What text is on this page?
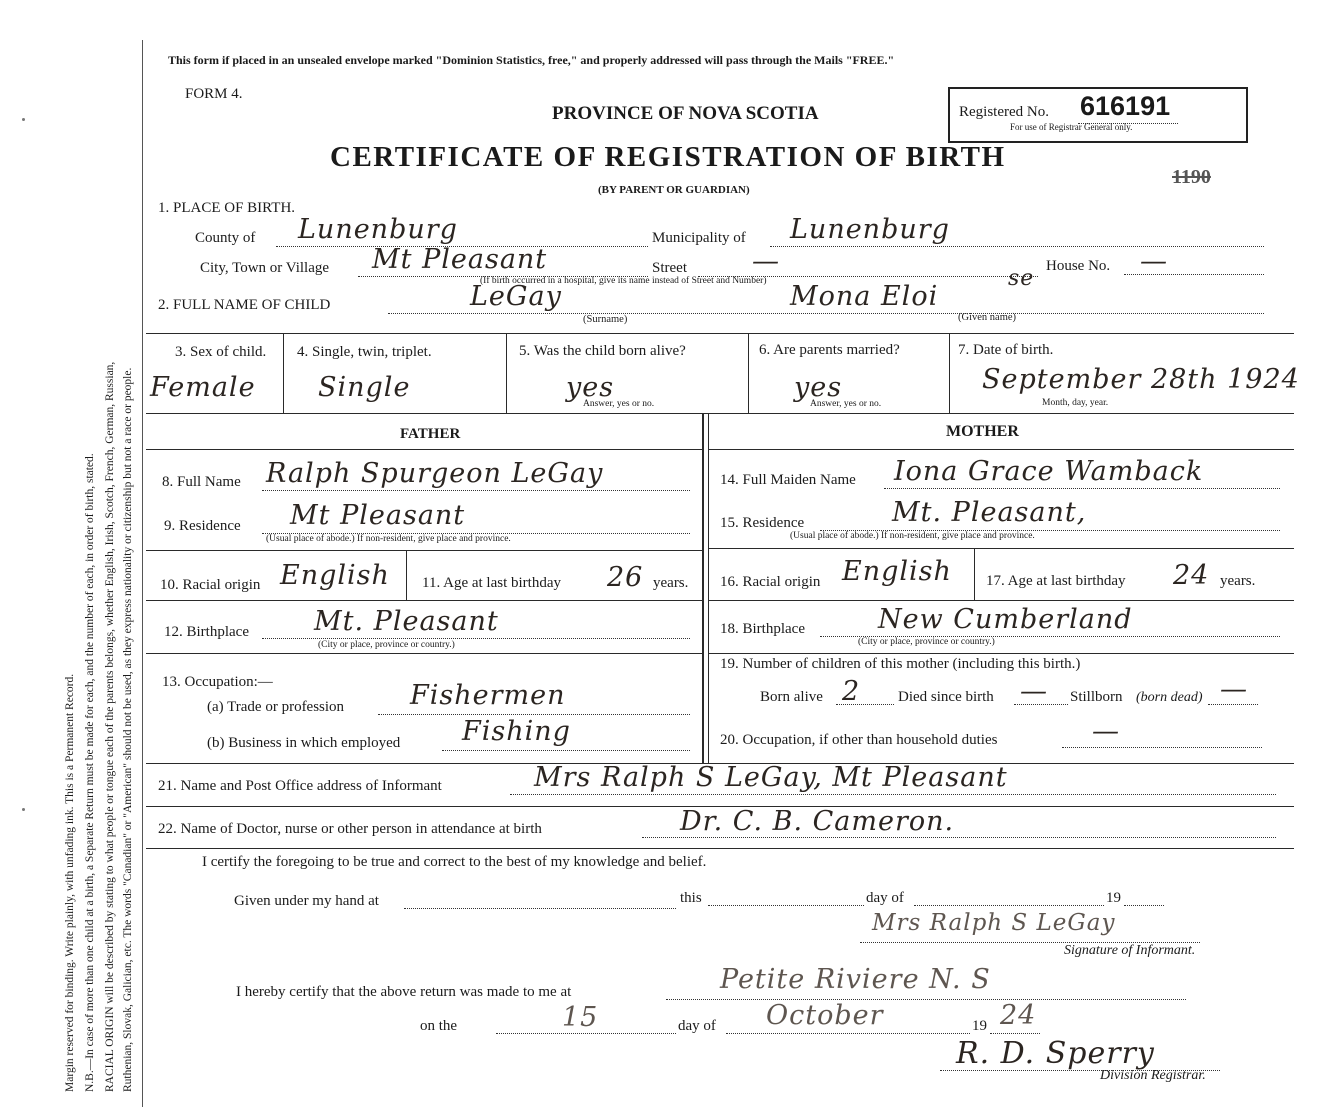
Margin reserved for binding. Write plainly, with unfading ink. This is a Permanent Record. N.B.—In case of more than one child at a birth, a Separate Return must be made for each, and the number of each, in order of birth, stated. RACIAL ORIGIN will be described by stating to what people or tongue each of the parents belongs, whether English, Irish, Scotch, French, German, Russian, Ruthenian, Slovak, Galician, etc. The words "Canadian" or "American" should not be used, as they express nationality or citizenship but not a race or people.
This form if placed in an unsealed envelope marked "Dominion Statistics, free," and properly addressed will pass through the Mails "FREE."
FORM 4.
PROVINCE OF NOVA SCOTIA
CERTIFICATE OF REGISTRATION OF BIRTH
(BY PARENT OR GUARDIAN)
Registered No. 616191
For use of Registrar General only.
1190
1. PLACE OF BIRTH.
County of Lunenburg	Municipality of Lunenburg
City, Town or Village Mt Pleasant	Street —
(If birth occurred in a hospital, give its name instead of Street and Number)
House No. —
2. FULL NAME OF CHILD	LeGay
(Surname)
Mona Eloi
se
(Given name)
3. Sex of child.
Female
4. Single, twin, triplet.
Single
5. Was the child born alive?
yes
Answer, yes or no.
6. Are parents married?
yes
Answer, yes or no.
7. Date of birth.
September 28th 1924
Month, day, year.
FATHER	MOTHER
8. Full Name Ralph Spurgeon LeGay	14. Full Maiden Name Iona Grace Wamback
9. Residence Mt Pleasant
(Usual place of abode.) If non-resident, give place and province.
15. Residence	Mt. Pleasant,
(Usual place of abode.) If non-resident, give place and province.
10. Racial origin English 11. Age at last birthday 26 years. 16. Racial origin English 17. Age at last birthday 24 years.
12. Birthplace Mt. Pleasant
(City or place, province or country.)
18. Birthplace	New Cumberland
(City or place, province or country.)
13. Occupation:—
(a) Trade or profession Fishermen
(b) Business in which employed Fishing
19. Number of children of this mother (including this birth.)
Born alive 2	Died since birth — Stillborn (born dead) —
20. Occupation, if other than household duties	—
21. Name and Post Office address of Informant	Mrs Ralph S LeGay, Mt Pleasant
22. Name of Doctor, nurse or other person in attendance at birth	Dr. C. B. Cameron.
I certify the foregoing to be true and correct to the best of my knowledge and belief.
Given under my hand at	this	day of	19
Mrs Ralph S LeGay
Signature of Informant.
I hereby certify that the above return was made to me at	Petite Riviere N. S
on the	15	day of October	19 24
R. D. Sperry
Division Registrar.
